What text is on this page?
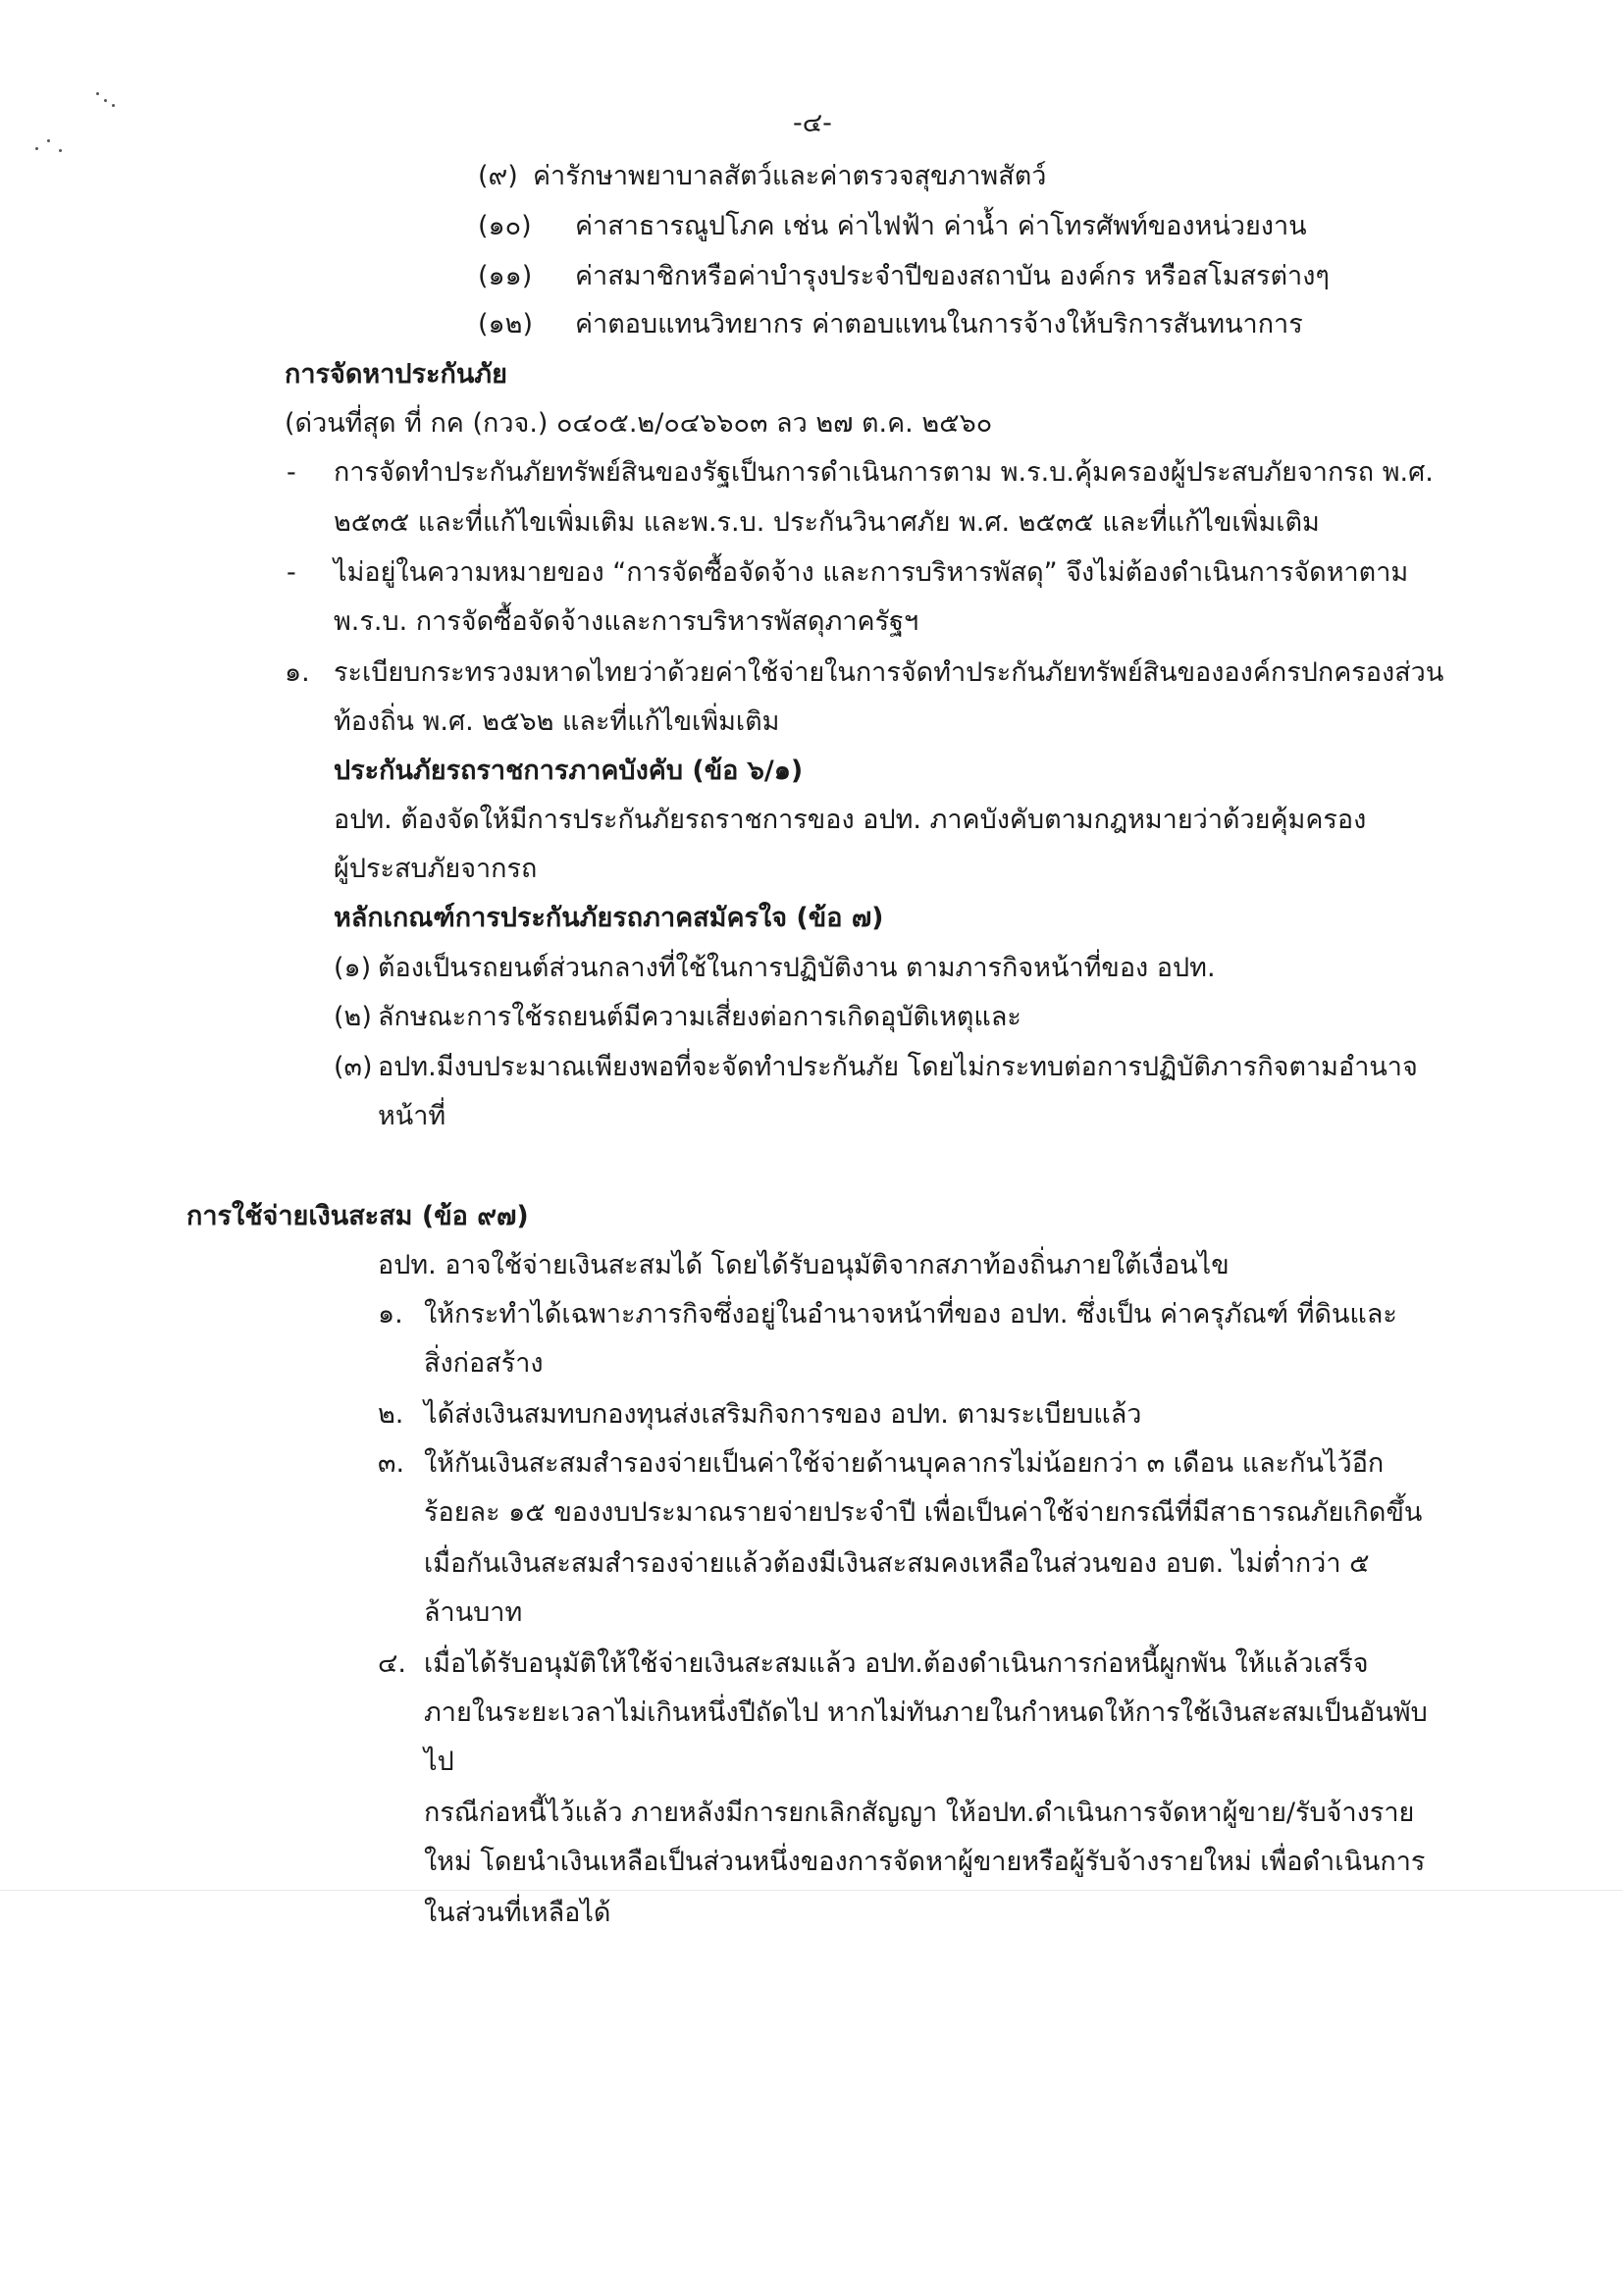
-๔-
(๙) ค่ารักษาพยาบาลสัตว์และค่าตรวจสุขภาพสัตว์
(๑๐) ค่าสาธารณูปโภค เช่น ค่าไฟฟ้า ค่าน้ำ ค่าโทรศัพท์ของหน่วยงาน
(๑๑) ค่าสมาชิกหรือค่าบำรุงประจำปีของสถาบัน องค์กร หรือสโมสรต่างๆ
(๑๒) ค่าตอบแทนวิทยากร ค่าตอบแทนในการจ้างให้บริการสันทนาการ
การจัดหาประกันภัย
(ด่วนที่สุด ที่ กค (กวจ.) ๐๔๐๕.๒/๐๔๖๖๐๓ ลว ๒๗ ต.ค. ๒๕๖๐
- การจัดทำประกันภัยทรัพย์สินของรัฐเป็นการดำเนินการตาม พ.ร.บ.คุ้มครองผู้ประสบภัยจากรถ พ.ศ.
๒๕๓๕ และที่แก้ไขเพิ่มเติม และพ.ร.บ. ประกันวินาศภัย พ.ศ. ๒๕๓๕ และที่แก้ไขเพิ่มเติม
- ไม่อยู่ในความหมายของ “การจัดซื้อจัดจ้าง และการบริหารพัสดุ” จึงไม่ต้องดำเนินการจัดหาตาม
พ.ร.บ. การจัดซื้อจัดจ้างและการบริหารพัสดุภาครัฐฯ
๑. ระเบียบกระทรวงมหาดไทยว่าด้วยค่าใช้จ่ายในการจัดทำประกันภัยทรัพย์สินขององค์กรปกครองส่วน
ท้องถิ่น พ.ศ. ๒๕๖๒ และที่แก้ไขเพิ่มเติม
ประกันภัยรถราชการภาคบังคับ (ข้อ ๖/๑)
อปท. ต้องจัดให้มีการประกันภัยรถราชการของ อปท. ภาคบังคับตามกฎหมายว่าด้วยคุ้มครอง
ผู้ประสบภัยจากรถ
หลักเกณฑ์การประกันภัยรถภาคสมัครใจ (ข้อ ๗)
(๑) ต้องเป็นรถยนต์ส่วนกลางที่ใช้ในการปฏิบัติงาน ตามภารกิจหน้าที่ของ อปท.
(๒) ลักษณะการใช้รถยนต์มีความเสี่ยงต่อการเกิดอุบัติเหตุและ
(๓) อปท.มีงบประมาณเพียงพอที่จะจัดทำประกันภัย โดยไม่กระทบต่อการปฏิบัติภารกิจตามอำนาจ
หน้าที่
การใช้จ่ายเงินสะสม (ข้อ ๙๗)
อปท. อาจใช้จ่ายเงินสะสมได้ โดยได้รับอนุมัติจากสภาท้องถิ่นภายใต้เงื่อนไข
๑. ให้กระทำได้เฉพาะภารกิจซึ่งอยู่ในอำนาจหน้าที่ของ อปท. ซึ่งเป็น ค่าครุภัณฑ์ ที่ดินและ
สิ่งก่อสร้าง
๒. ได้ส่งเงินสมทบกองทุนส่งเสริมกิจการของ อปท. ตามระเบียบแล้ว
๓. ให้กันเงินสะสมสำรองจ่ายเป็นค่าใช้จ่ายด้านบุคลากรไม่น้อยกว่า ๓ เดือน และกันไว้อีก
ร้อยละ ๑๕ ของงบประมาณรายจ่ายประจำปี เพื่อเป็นค่าใช้จ่ายกรณีที่มีสาธารณภัยเกิดขึ้น
เมื่อกันเงินสะสมสำรองจ่ายแล้วต้องมีเงินสะสมคงเหลือในส่วนของ อบต. ไม่ต่ำกว่า ๕
ล้านบาท
๔. เมื่อได้รับอนุมัติให้ใช้จ่ายเงินสะสมแล้ว อปท.ต้องดำเนินการก่อหนี้ผูกพัน ให้แล้วเสร็จ
ภายในระยะเวลาไม่เกินหนึ่งปีถัดไป หากไม่ทันภายในกำหนดให้การใช้เงินสะสมเป็นอันพับ
ไป
กรณีก่อหนี้ไว้แล้ว ภายหลังมีการยกเลิกสัญญา ให้อปท.ดำเนินการจัดหาผู้ขาย/รับจ้างราย
ใหม่ โดยนำเงินเหลือเป็นส่วนหนึ่งของการจัดหาผู้ขายหรือผู้รับจ้างรายใหม่ เพื่อดำเนินการ
ในส่วนที่เหลือได้
